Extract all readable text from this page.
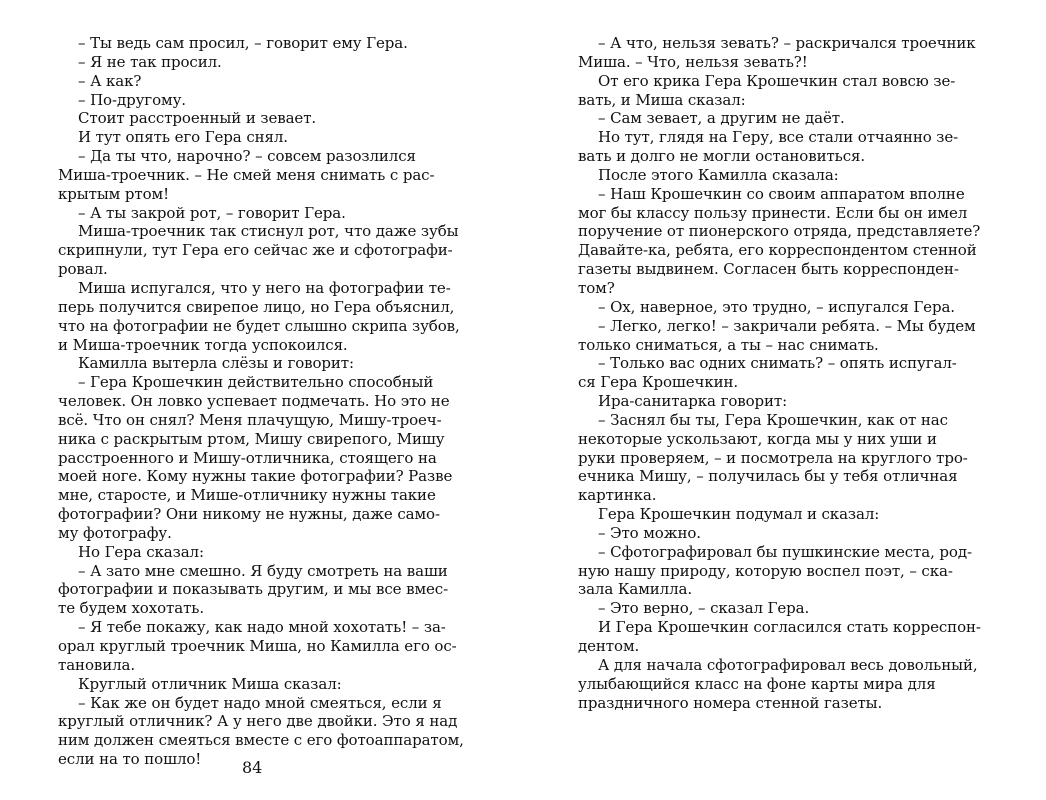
– Ты ведь сам просил, – говорит ему Гера.

– Я не так просил.

– А как?

– По-другому.

Стоит расстроенный и зевает.

И тут опять его Гера снял.

– Да ты что, нарочно? – совсем разозлился

Миша-троечник. – Не смей меня снимать с рас-

крытым ртом!

– А ты закрой рот, – говорит Гера.

Миша-троечник так стиснул рот, что даже зубы

скрипнули, тут Гера его сейчас же и сфотографи-

ровал.

Миша испугался, что у него на фотографии те-

перь получится свирепое лицо, но Гера объяснил,

что на фотографии не будет слышно скрипа зубов,

и Миша-троечник тогда успокоился.

Камилла вытерла слёзы и говорит:

– Гера Крошечкин действительно способный

человек. Он ловко успевает подмечать. Но это не

всё. Что он снял? Меня плачущую, Мишу-троеч-

ника с раскрытым ртом, Мишу свирепого, Мишу

расстроенного и Мишу-отличника, стоящего на

моей ноге. Кому нужны такие фотографии? Разве

мне, старосте, и Мише-отличнику нужны такие

фотографии? Они никому не нужны, даже само-

му фотографу.

Но Гера сказал:

– А зато мне смешно. Я буду смотреть на ваши

фотографии и показывать другим, и мы все вмес-

те будем хохотать.

– Я тебе покажу, как надо мной хохотать! – за-

орал круглый троечник Миша, но Камилла его ос-

тановила.

Круглый отличник Миша сказал:

– Как же он будет надо мной смеяться, если я

круглый отличник? А у него две двойки. Это я над

ним должен смеяться вместе с его фотоаппаратом,

если на то пошло!

– А что, нельзя зевать? – раскричался троечник

Миша. – Что, нельзя зевать?!

От его крика Гера Крошечкин стал вовсю зе-

вать, и Миша сказал:

– Сам зевает, а другим не даёт.

Но тут, глядя на Геру, все стали отчаянно зе-

вать и долго не могли остановиться.

После этого Камилла сказала:

– Наш Крошечкин со своим аппаратом вполне

мог бы классу пользу принести. Если бы он имел

поручение от пионерского отряда, представляете?

Давайте-ка, ребята, его корреспондентом стенной

газеты выдвинем. Согласен быть корреспонден-

том?

– Ох, наверное, это трудно, – испугался Гера.

– Легко, легко! – закричали ребята. – Мы будем

только сниматься, а ты – нас снимать.

– Только вас одних снимать? – опять испугал-

ся Гера Крошечкин.

Ира-санитарка говорит:

– Заснял бы ты, Гера Крошечкин, как от нас

некоторые ускользают, когда мы у них уши и

руки проверяем, – и посмотрела на круглого тро-

ечника Мишу, – получилась бы у тебя отличная

картинка.

Гера Крошечкин подумал и сказал:

– Это можно.

– Сфотографировал бы пушкинские места, род-

ную нашу природу, которую воспел поэт, – ска-

зала Камилла.

– Это верно, – сказал Гера.

И Гера Крошечкин согласился стать корреспон-

дентом.

А для начала сфотографировал весь довольный,

улыбающийся класс на фоне карты мира для

праздничного номера стенной газеты.

84
